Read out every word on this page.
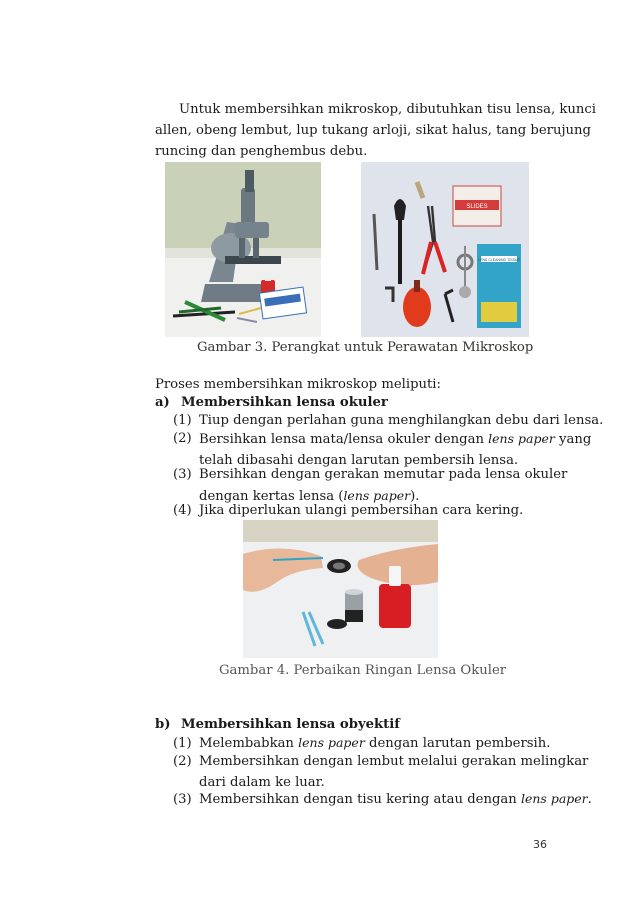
Untuk membersihkan mikroskop, dibutuhkan tisu lensa, kunci
allen, obeng lembut, lup tukang arloji, sikat halus, tang berujung
runcing dan penghembus debu.
SLIDES
LENS CLEANING TISSUE
Gambar 3. Perangkat untuk Perawatan Mikroskop
Proses membersihkan mikroskop meliputi:
a) Membersihkan lensa okuler
(1) Tiup dengan perlahan guna menghilangkan debu dari lensa.
(2) Bersihkan lensa mata/lensa okuler dengan lens paper yang
telah dibasahi dengan larutan pembersih lensa.
(3) Bersihkan dengan gerakan memutar pada lensa okuler
dengan kertas lensa (lens paper).
(4) Jika diperlukan ulangi pembersihan cara kering.
Gambar 4. Perbaikan Ringan Lensa Okuler
b) Membersihkan lensa obyektif
(1) Melembabkan lens paper dengan larutan pembersih.
(2) Membersihkan dengan lembut melalui gerakan melingkar
dari dalam ke luar.
(3) Membersihkan dengan tisu kering atau dengan lens paper.
36
